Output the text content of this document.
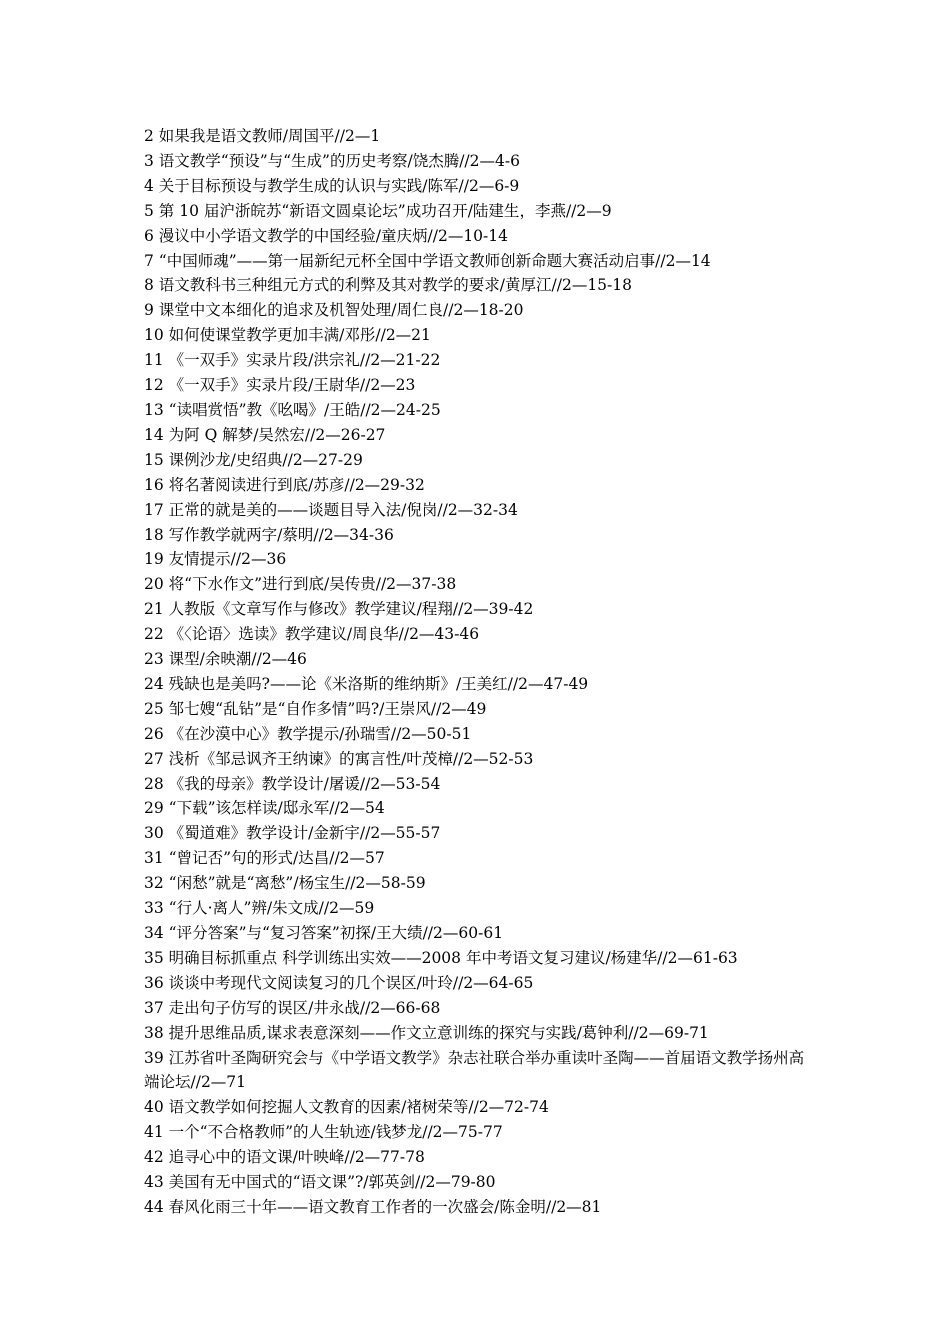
2 如果我是语文教师/周国平//2—1
3 语文教学“预设”与“生成”的历史考察/饶杰腾//2—4-6
4 关于目标预设与教学生成的认识与实践/陈军//2—6-9
5 第 10 届沪浙皖苏“新语文圆桌论坛”成功召开/陆建生，李燕//2—9
6 漫议中小学语文教学的中国经验/童庆炳//2—10-14
7 “中国师魂”——第一届新纪元杯全国中学语文教师创新命题大赛活动启事//2—14
8 语文教科书三种组元方式的利弊及其对教学的要求/黄厚江//2—15-18
9 课堂中文本细化的追求及机智处理/周仁良//2—18-20
10 如何使课堂教学更加丰满/邓彤//2—21
11 《一双手》实录片段/洪宗礼//2—21-22
12 《一双手》实录片段/王尉华//2—23
13 “读唱赏悟”教《吆喝》/王皓//2—24-25
14 为阿 Q 解梦/吴然宏//2—26-27
15 课例沙龙/史绍典//2—27-29
16 将名著阅读进行到底/苏彦//2—29-32
17 正常的就是美的——谈题目导入法/倪岗//2—32-34
18 写作教学就两字/蔡明//2—34-36
19 友情提示//2—36
20 将“下水作文”进行到底/吴传贵//2—37-38
21 人教版《文章写作与修改》教学建议/程翔//2—39-42
22 《〈论语〉选读》教学建议/周良华//2—43-46
23 课型/余映潮//2—46
24 残缺也是美吗?——论《米洛斯的维纳斯》/王美红//2—47-49
25 邹七嫂“乱钻”是“自作多情”吗?/王崇风//2—49
26 《在沙漠中心》教学提示/孙瑞雪//2—50-51
27 浅析《邹忌讽齐王纳谏》的寓言性/叶茂樟//2—52-53
28 《我的母亲》教学设计/屠谖//2—53-54
29 “下载”该怎样读/邸永军//2—54
30 《蜀道难》教学设计/金新宇//2—55-57
31 “曾记否”句的形式/达昌//2—57
32 “闲愁”就是“离愁”/杨宝生//2—58-59
33 “行人·离人”辨/朱文成//2—59
34 “评分答案”与“复习答案”初探/王大绩//2—60-61
35 明确目标抓重点 科学训练出实效——2008 年中考语文复习建议/杨建华//2—61-63
36 谈谈中考现代文阅读复习的几个误区/叶玲//2—64-65
37 走出句子仿写的误区/井永战//2—66-68
38 提升思维品质,谋求表意深刻——作文立意训练的探究与实践/葛钟利//2—69-71
39 江苏省叶圣陶研究会与《中学语文教学》杂志社联合举办重读叶圣陶——首届语文教学扬州高端论坛//2—71
40 语文教学如何挖掘人文教育的因素/褚树荣等//2—72-74
41 一个“不合格教师”的人生轨迹/钱梦龙//2—75-77
42 追寻心中的语文课/叶映峰//2—77-78
43 美国有无中国式的“语文课”?/郭英剑//2—79-80
44 春风化雨三十年——语文教育工作者的一次盛会/陈金明//2—81
